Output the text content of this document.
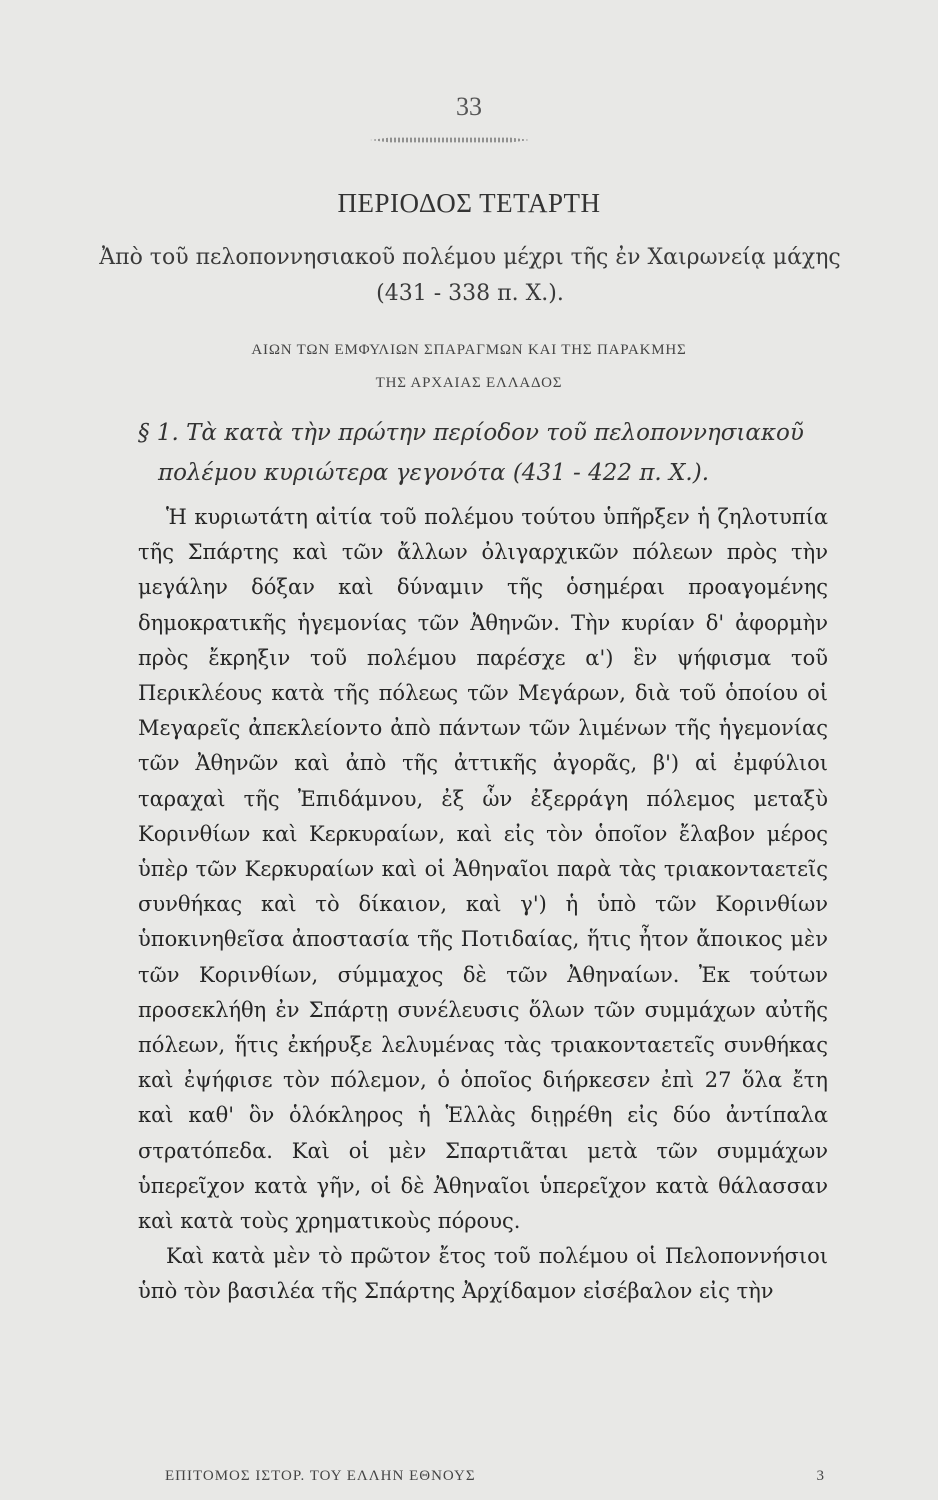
33
ΠΕΡΙΟΔΟΣ ΤΕΤΑΡΤΗ
Ἀπὸ τοῦ πελοποννησιακοῦ πολέμου μέχρι τῆς ἐν Χαιρωνείᾳ μάχης (431 - 338 π. Χ.).
ΑΙΩΝ ΤΩΝ ΕΜΦΥΛΙΩΝ ΣΠΑΡΑΓΜΩΝ ΚΑΙ ΤΗΣ ΠΑΡΑΚΜΗΣ
ΤΗΣ ΑΡΧΑΙΑΣ ΕΛΛΑΔΟΣ
§ 1. Τὰ κατὰ τὴν πρώτην περίοδον τοῦ πελοποννησιακοῦ
πολέμου κυριώτερα γεγονότα (431 - 422 π. Χ.).

Ἡ κυριωτάτη αἰτία τοῦ πολέμου τούτου ὑπῆρξεν ἡ ζηλοτυπία τῆς Σπάρτης καὶ τῶν ἄλλων ὀλιγαρχικῶν πόλεων πρὸς τὴν μεγάλην δόξαν καὶ δύναμιν τῆς ὁσημέραι προαγομένης δημοκρατικῆς ἡγεμονίας τῶν Ἀθηνῶν. Τὴν κυρίαν δ' ἀφορμὴν πρὸς ἔκρηξιν τοῦ πολέμου παρέσχε α') ἓν ψήφισμα τοῦ Περικλέους κατὰ τῆς πόλεως τῶν Μεγάρων, διὰ τοῦ ὁποίου οἱ Μεγαρεῖς ἀπεκλείοντο ἀπὸ πάντων τῶν λιμένων τῆς ἡγεμονίας τῶν Ἀθηνῶν καὶ ἀπὸ τῆς ἀττικῆς ἀγορᾶς, β') αἱ ἐμφύλιοι ταραχαὶ τῆς Ἐπιδάμνου, ἐξ ὧν ἐξερράγη πόλεμος μεταξὺ Κορινθίων καὶ Κερκυραίων, καὶ εἰς τὸν ὁποῖον ἔλαβον μέρος ὑπὲρ τῶν Κερκυραίων καὶ οἱ Ἀθηναῖοι παρὰ τὰς τριακονταετεῖς συνθήκας καὶ τὸ δίκαιον, καὶ γ') ἡ ὑπὸ τῶν Κορινθίων ὑποκινηθεῖσα ἀποστασία τῆς Ποτιδαίας, ἥτις ἦτον ἄποικος μὲν τῶν Κορινθίων, σύμμαχος δὲ τῶν Ἀθηναίων. Ἐκ τούτων προσεκλήθη ἐν Σπάρτῃ συνέλευσις ὅλων τῶν συμμάχων αὐτῆς πόλεων, ἥτις ἐκήρυξε λελυμένας τὰς τριακονταετεῖς συνθήκας καὶ ἐψήφισε τὸν πόλεμον, ὁ ὁποῖος διήρκεσεν ἐπὶ 27 ὅλα ἔτη καὶ καθ' ὃν ὁλόκληρος ἡ Ἑλλὰς διῃρέθη εἰς δύο ἀντίπαλα στρατόπεδα. Καὶ οἱ μὲν Σπαρτιᾶται μετὰ τῶν συμμάχων ὑπερεῖχον κατὰ γῆν, οἱ δὲ Ἀθηναῖοι ὑπερεῖχον κατὰ θάλασσαν καὶ κατὰ τοὺς χρηματικοὺς πόρους.

Καὶ κατὰ μὲν τὸ πρῶτον ἔτος τοῦ πολέμου οἱ Πελοποννήσιοι ὑπὸ τὸν βασιλέα τῆς Σπάρτης Ἀρχίδαμον εἰσέβαλον εἰς τὴν

ΕΠΙΤΟΜΟΣ ΙΣΤΟΡ. ΤΟΥ ΕΛΛΗΝ ΕΘΝΟΥΣ	3
